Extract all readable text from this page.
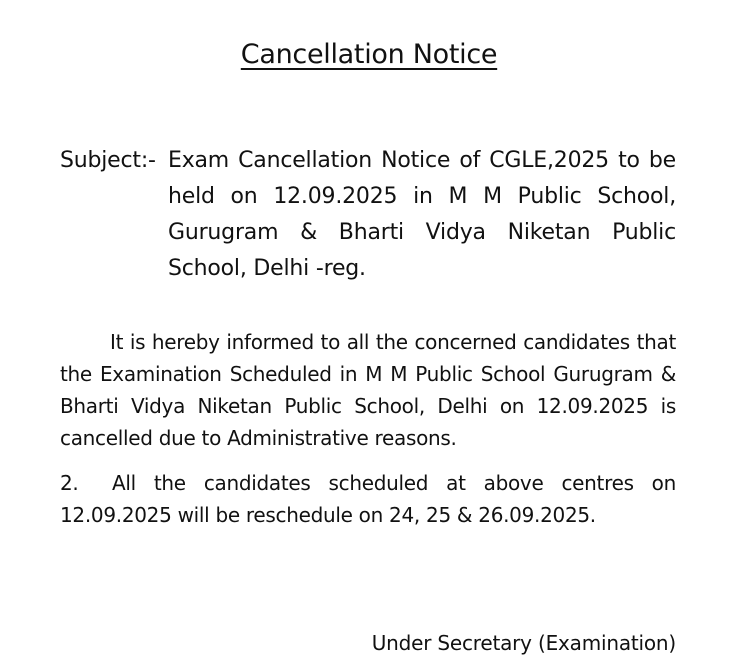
Cancellation Notice
Subject:- Exam Cancellation Notice of CGLE,2025 to be
held on 12.09.2025 in M M Public School,
Gurugram & Bharti Vidya Niketan Public
School, Delhi -reg.
It is hereby informed to all the concerned candidates that
the Examination Scheduled in M M Public School Gurugram &
Bharti Vidya Niketan Public School, Delhi on 12.09.2025 is
cancelled due to Administrative reasons.
2. All the candidates scheduled at above centres on
12.09.2025 will be reschedule on 24, 25 & 26.09.2025.
Under Secretary (Examination)
